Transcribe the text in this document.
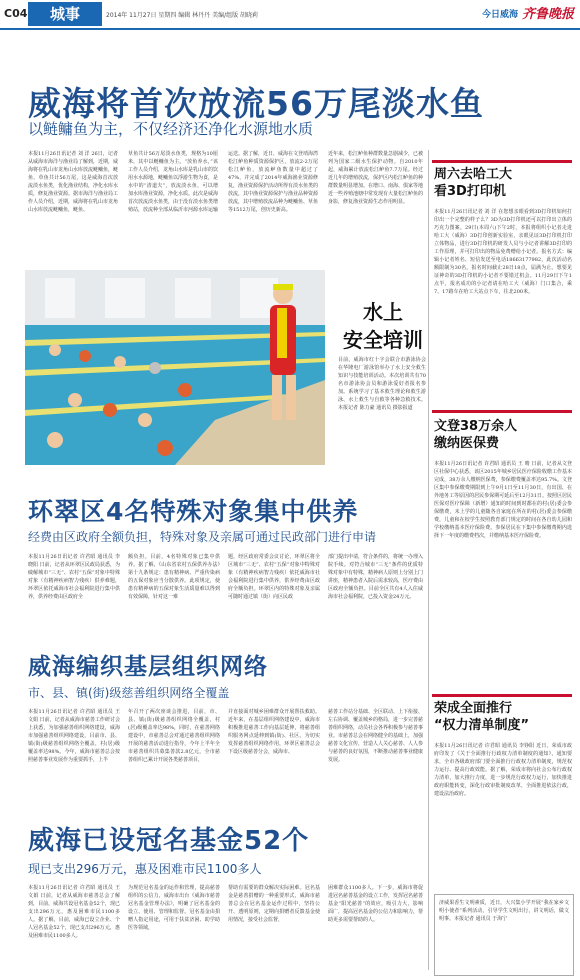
C04	城事	2014年 11月27日 星期四 编辑 林丹丹 美编/组版 胡晓莉	今日威海 齐鲁晚报
威海将首次放流56万尾淡水鱼
以鲢鳙鱼为主，不仅经济还净化水源地水质
本报11月26日讯记者 刘 洋 26日，记者从威海市海洋与渔业局了解到，近期，威海将在乳山市龙角山水库放流鲢鳙鱼，鲢鱼、草鱼共计56万尾，这是威海首次放流淡水鱼类，优化渔业结构，净化水库水质，修复渔业资源。据市海洋与渔业局工作人员介绍，近期，威海将在乳山市龙角山水库放流鲢鳙鱼，鲢鱼、
草鱼共计56万尾淡水鱼类，规格为10厘米，其中以鲢鳙鱼为主。“放鱼养水，”该工作人员介绍，龙角山水库是乳山市的饮用水水源地，鲢鳙鱼以浮游生物为食，是水中的“清道夫”，放流淡水鱼，可以增加水库渔业资源，净化水质。此次是威海首次放流淡水鱼类，由于没有淡水鱼类增殖站，放流种全部从临沂市河源水库运输
运送。据了解，近日，威海在文登靖海湾松江鲈鱼种质资源保护区，放流2-2万尾松江鲈鱼，放流鲈鱼数量中超过了47%，并完成了2014年威海渔业资源修复，渔业资源保护活动所得有淡水鱼类的放流，其中渔业资源保护与渔业品种资源放流，其中增殖放流品种为鲢鳙鱼、草鱼等1512万尾，创历史新高。
近年来，松江鲈鱼种群数量急剧减少，已被列为国家二级水生保护动物。自2010年起，威海累计放流松江鲈鱼7.7万尾。经过近几年的增殖放流，保护区内松江鲈鱼的种群数量明显增加。在增口、南海、俱家等地近一些养殖池塘中常发现有大量松江鲈鱼的身影，修复渔业资源生态作用明显。
水上
安全培训
目前，威海市红十字会联合市游泳协会在华隆电厂游泳馆举办了水上安全救生知识与技能培训活动。本次培训共有70名市游泳协会员和游泳爱好者报名参加。系统学习了基本救生理论和救生游泳、水上救生与自救等各种急救技术。本报记者 陈力豪 通讯员 摄影报道
环翠区4名特殊对象集中供养
经费由区政府全额负担，特殊对象及亲属可通过民政部门进行申请
本报11月26日讯记者 许君昭 通讯员 李晓阳 日前，记者从环翠区民政局获悉，为破解城市“三无”、农村“五保”对象中特殊对象（有精神疾病智力残疾）供养难题，环翠区依托威海市社会福利院进行集中供养，供养经费由区政府全
额负担。目前，4名特殊对象已集中供养。据了解，《山东省农村五保供养办法》第十九条规定：患有精神病、严重传染病的五保对象应当分散供养。此项规定，使患有精神病的五保对象生活质量难以得到有效保障，针对这一难
题，经区政府常委会议讨论，环翠区将全区城市“三无”、农村“五保”对象中特殊对象（有精神疾病智力残疾）依托威海市社会福利院进行集中供养，供养经费由区政府全额负担。环翠区内的特殊对象及亲属可随时通过镇（街）向区民政
部门提出申请，符合条件的，将统一办理入院手续。对符合城市“三无”条件的优质特殊对象中有特殊，精神病人原则上分别上门讲座，精神患者入院后需求较高，医疗费由区政府全额负担。目前全区共有4人入住威海市社会福利院，已投入资金24万元。
威海编织基层组织网络
市、县、镇(街)级慈善组织网络全覆盖
本报11月26日讯记者 许君昭 通讯员 王文娟 日前，记者从威海市慈善工作研讨会上获悉，为加强慈善组织网络建设，威海市加强慈善组织网络建设，目前市、县、镇(街)级慈善组织网络全覆盖，村(居)级覆盖率达98%。今年，威海市慈善总会按照慈善事业发展作为重要抓手，上半
年召开了两次座谈会推进，目前，市、县、镇(街)级慈善组织网络全覆盖，村(居)级覆盖率达98%，同时，在慈善网络建设中，市慈善总会对通过慈善组织网络开展的慈善活动进行指导，今年上半年全市慈善组织共募集善款2.8亿元，全市慈善组织已累计开展各类慈善项目，
并直接面对城乡困难群众开展帮扶救助。近年来，在基层组织网络建设中，威海市积极推进慈善工作向基层延伸，将慈善组织服务网点延伸到镇(街)、社区。为切实发挥慈善组织网络作用，环翠区慈善总会下设区级慈善分会，威海市、
慈善工作站分基础、全区联动、上下衔接、左右协调、覆盖城乡的格局，进一步完善慈善组织网络，动员社会各界积极参与慈善事业。市慈善总会在网络健全的基础上，加强慈善文化宣传，营造人人关心慈善、人人参与慈善的良好氛围，不断推动慈善事业健康发展。
威海已设冠名基金52个
现已支出296万元，惠及困难市民1100多人
本报11月26日讯记者 许君昭 通讯员 王文娟 日前，记者从威海市慈善总会了解到，目前，威海共设冠名基金52个，现已支出296万元，惠及困难市民1100多人。据了解，目前，威海已设立企业、个人冠名基金52个，现已支出296万元，惠及困难市民1100多人。
为规范冠名基金的运作和管理，提高慈善组织的公信力，威海市出台《威海市慈善冠名基金管理办法》，明确了冠名基金的设立、使用、管理和监督。冠名基金由捐赠人指定用途，可用于扶贫济困、助学助医等领域，
帮助有需要的群众解决实际困难。冠名基金是慈善捐赠的一种重要形式，威海市慈善总会在冠名基金运作过程中，坚持公开、透明原则，定期向捐赠者反馈基金使用情况，接受社会监督，
困难群众1100多人。下一步，威海市将促进冠名慈善基金的设立工作，发挥冠名慈善基金“阳光慈善”的效应，吸引力大，影响面广，提高冠名基金的公信力和影响力，帮助更多需要帮助的人。
周六去哈工大
看3D打印机
本报11月26日讯记者 刘 洋 在您想亲眼看到3D打印机如何打印出一个完整的样子么？3D为3D打印机还可以打印出立体的巧克力图案。29日(本周六)下午2时，本报将组织小记者走进哈工大（威海）3D打印创新实验室，亲眼见证3D打印机打印立体物品，进行3D打印机的研发人员与小记者讲解3D打印的工作原理，并可打印出的物品免费赠给小记者。报名方式：编辑小记者姓名、短信发送至电话18663177982，此次活动名额限制为30名，报名时间截止28日18点，届满为止。想要见证神奇的3D打印机的小记者不要错过机会。11月29日下午1点半，报名成功的小记者请在哈工大（威海）门口集合，乘7、17路车在哈工大站点下车，往北200米。
文登38万余人
缴纳医保费
本报11月26日讯记者 许君昭 通讯员 王 晴 日前，记者从文登区社保中心获悉，该区2015年城乡居民医疗保险收缴工作基本完成，38万余人缴纳医保费，参保缴费覆盖率达95.7%。文登区集中参保缴费期限到上午9月1日至11月30日，有出国、在外地务工等原因的居民参保期可延后至12月31日。按照区居民医保对医疗保障（新增）通知的时间到时都在的村(居)委会参保缴费，未上学的儿童随各自家庭在所在的村(居)委会参保缴费，儿童和在校学生按照教育部门规定的时间在各自幼儿园和学校缴纳基本医疗保险费。参保居民在下集中参保缴费期内选择下一年度的缴费档次，并缴纳基本医疗保险费。
荣成全面推行
“权力清单制度”
本报11月26日讯记者 许君昭 通讯员 李铮阳 近日，荣成市政府印发了《关于全面推行行政权力清单制度的通知》，通知要求，全市各级政府部门要全面推行行政权力清单制度，规范权力运行、提高行政效能。据了解，荣成市将向社会公布行政权力清单，加大推行力度，进一步规范行政权力运行，加快推进政府职能转变，深化行政审批制度改革，全面推进依法行政，建设法治政府。
济威果香生文明素质，近日，大兴集小学开展“我在家乡文明小使者”系列活动，引导学生文明出行，讲文明话，做文明事。本报记者 通讯员 于海宁
